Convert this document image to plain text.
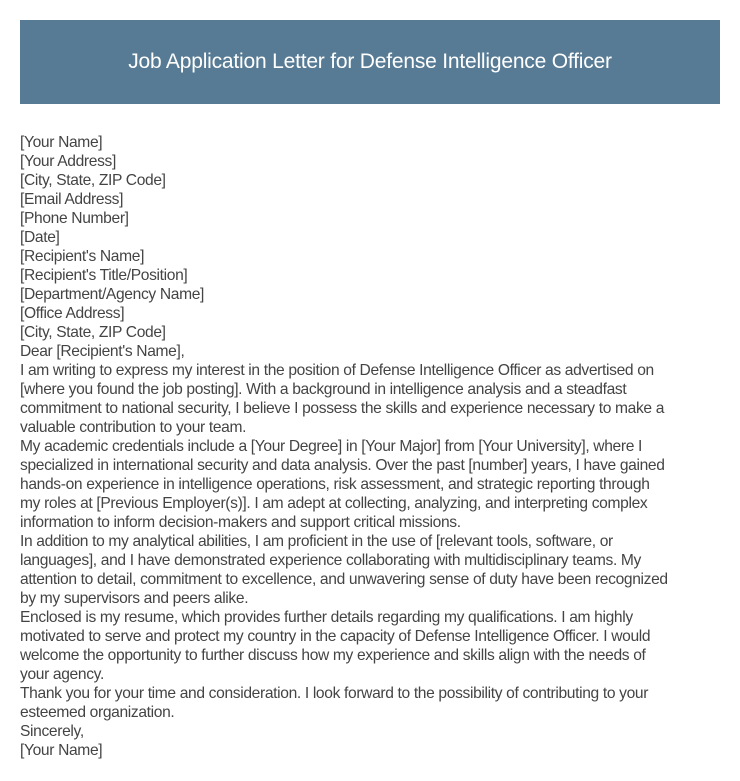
Job Application Letter for Defense Intelligence Officer
[Your Name]
[Your Address]
[City, State, ZIP Code]
[Email Address]
[Phone Number]
[Date]
[Recipient's Name]
[Recipient's Title/Position]
[Department/Agency Name]
[Office Address]
[City, State, ZIP Code]
Dear [Recipient's Name],
I am writing to express my interest in the position of Defense Intelligence Officer as advertised on
[where you found the job posting]. With a background in intelligence analysis and a steadfast
commitment to national security, I believe I possess the skills and experience necessary to make a
valuable contribution to your team.
My academic credentials include a [Your Degree] in [Your Major] from [Your University], where I
specialized in international security and data analysis. Over the past [number] years, I have gained
hands-on experience in intelligence operations, risk assessment, and strategic reporting through
my roles at [Previous Employer(s)]. I am adept at collecting, analyzing, and interpreting complex
information to inform decision-makers and support critical missions.
In addition to my analytical abilities, I am proficient in the use of [relevant tools, software, or
languages], and I have demonstrated experience collaborating with multidisciplinary teams. My
attention to detail, commitment to excellence, and unwavering sense of duty have been recognized
by my supervisors and peers alike.
Enclosed is my resume, which provides further details regarding my qualifications. I am highly
motivated to serve and protect my country in the capacity of Defense Intelligence Officer. I would
welcome the opportunity to further discuss how my experience and skills align with the needs of
your agency.
Thank you for your time and consideration. I look forward to the possibility of contributing to your
esteemed organization.
Sincerely,
[Your Name]
